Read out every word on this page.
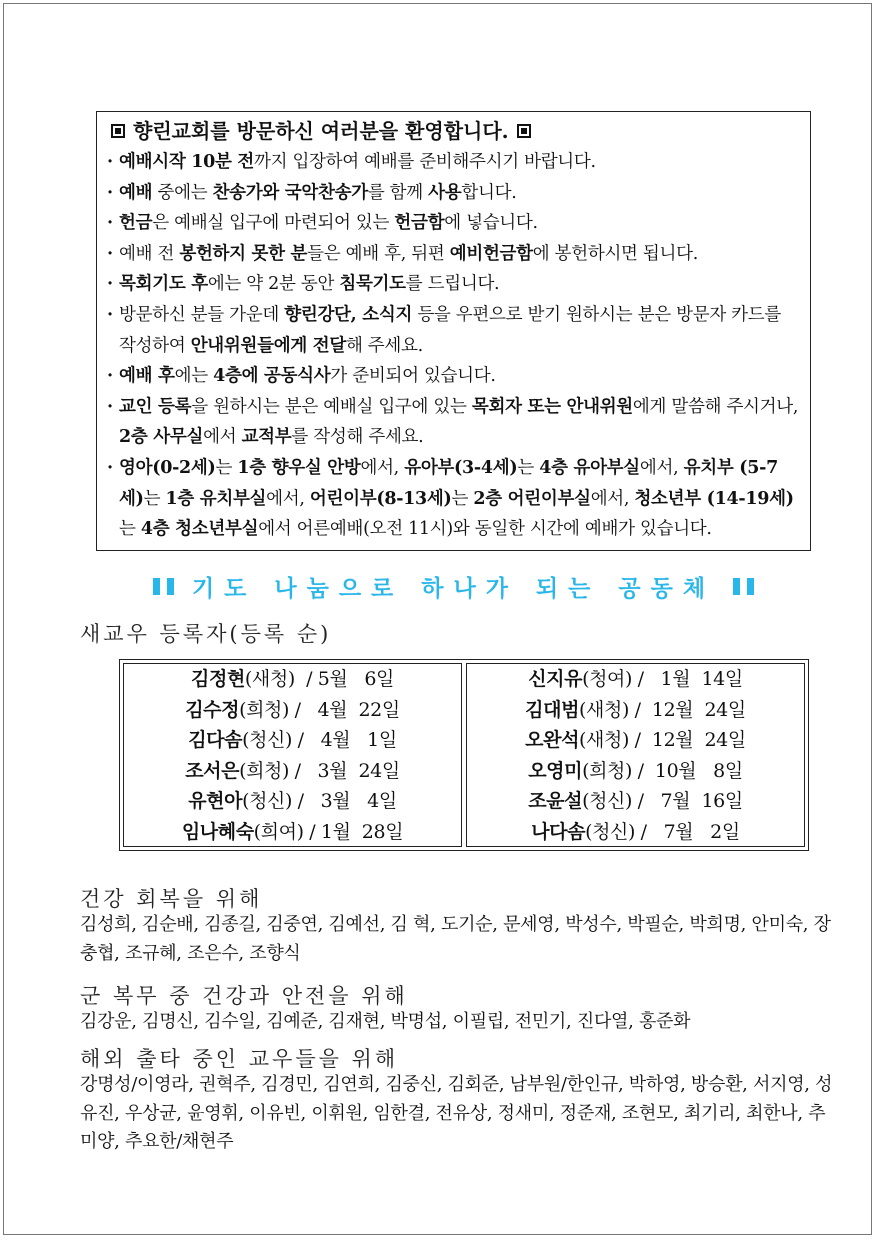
향린교회를 방문하신 여러분을 환영합니다.
· 예배시작 10분 전까지 입장하여 예배를 준비해주시기 바랍니다.
· 예배 중에는 찬송가와 국악찬송가를 함께 사용합니다.
· 헌금은 예배실 입구에 마련되어 있는 헌금함에 넣습니다.
· 예배 전 봉헌하지 못한 분들은 예배 후, 뒤편 예비헌금함에 봉헌하시면 됩니다.
· 목회기도 후에는 약 2분 동안 침묵기도를 드립니다.
· 방문하신 분들 가운데 향린강단, 소식지 등을 우편으로 받기 원하시는 분은 방문자 카드를 작성하여 안내위원들에게 전달해 주세요.
· 예배 후에는 4층에 공동식사가 준비되어 있습니다.
· 교인 등록을 원하시는 분은 예배실 입구에 있는 목회자 또는 안내위원에게 말씀해 주시거나, 2층 사무실에서 교적부를 작성해 주세요.
· 영아(0-2세)는 1층 향우실 안방에서, 유아부(3-4세)는 4층 유아부실에서, 유치부 (5-7세)는 1층 유치부실에서, 어린이부(8-13세)는 2층 어린이부실에서, 청소년부 (14-19세)는 4층 청소년부실에서 어른예배(오전 11시)와 동일한 시간에 예배가 있습니다.
기도 나눔으로 하나가 되는 공동체
새교우 등록자(등록 순)
김정현(새청)  / 5월   6일
김수정(희청) /   4월  22일
김다솜(청신) /   4월   1일
조서은(희청) /   3월  24일
유현아(청신) /   3월   4일
임나혜숙(희여) / 1월  28일
신지유(청여) /   1월  14일
김대범(새청) /  12월  24일
오완석(새청) /  12월  24일
오영미(희청) /  10월   8일
조윤설(청신) /   7월  16일
나다솜(청신) /   7월   2일
건강 회복을 위해
김성희, 김순배, 김종길, 김중연, 김예선, 김 혁, 도기순, 문세영, 박성수, 박필순, 박희명, 안미숙, 장충협, 조규혜, 조은수, 조향식
군 복무 중 건강과 안전을 위해
김강운, 김명신, 김수일, 김예준, 김재현, 박명섭, 이필립, 전민기, 진다열, 홍준화
해외 출타 중인 교우들을 위해
강명성/이영라, 권혁주, 김경민, 김연희, 김중신, 김회준, 남부원/한인규, 박하영, 방승환, 서지영, 성유진, 우상균, 윤영휘, 이유빈, 이휘원, 임한결, 전유상, 정새미, 정준재, 조현모, 최기리, 최한나, 추미양, 추요한/채현주
